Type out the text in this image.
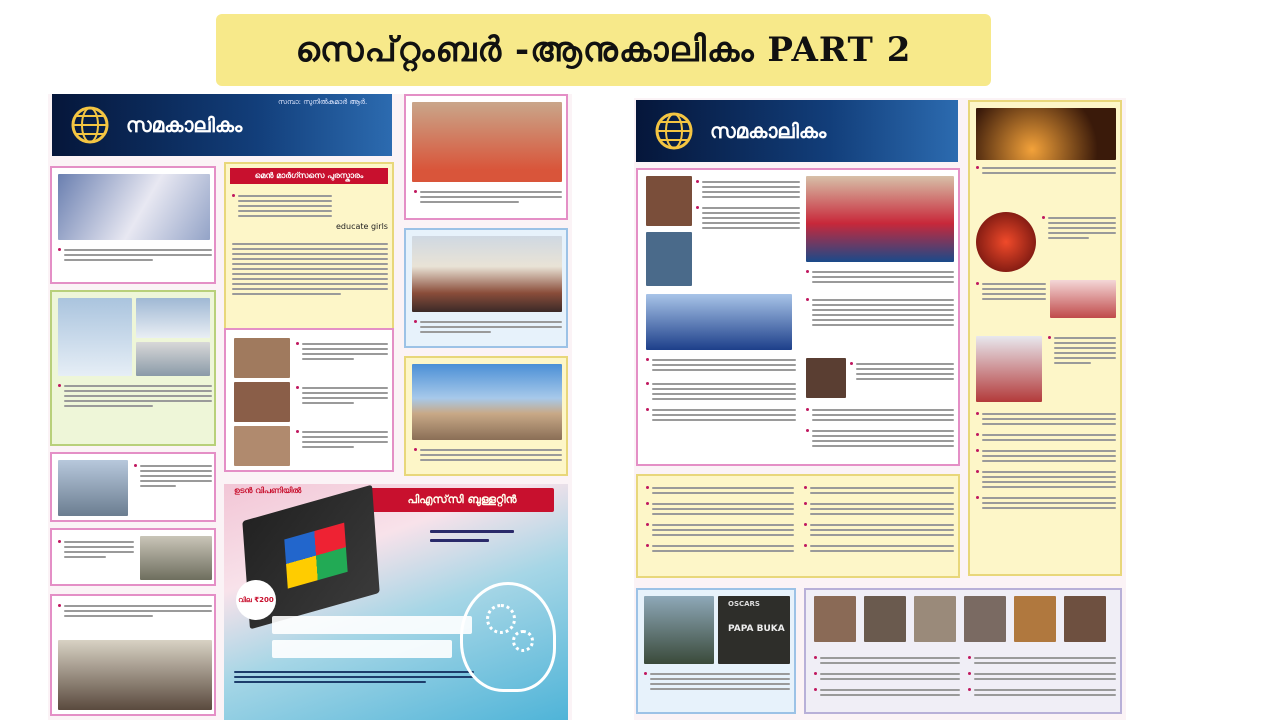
സെപ്റ്റംബർ -ആനുകാലികം PART 2
സമകാലികം
സമ്പാ: സുനിൽകുമാർ ആർ.
മെൻ മാർഗ്സസെ പുരസ്കാരം
educate girls
പിഎസ്‌സി ബുള്ളറ്റിൻ
ഉടൻ വിപണിയിൽ
വില ₹200
സമകാലികം
OSCARS
PAPA BUKA
